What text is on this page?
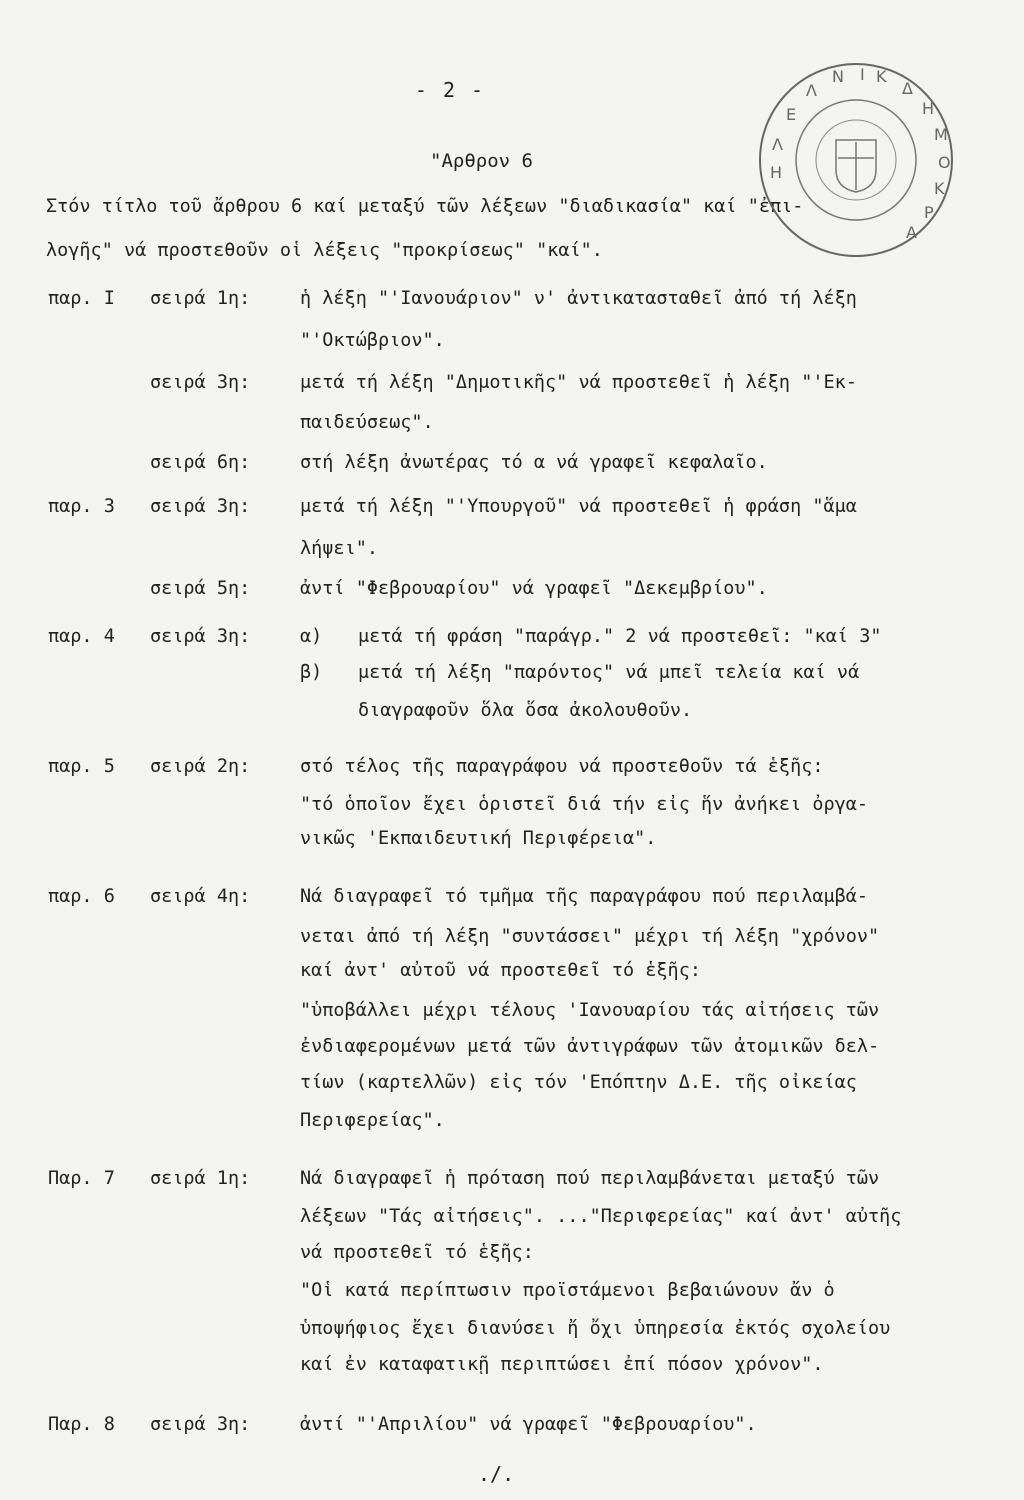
- 2 -
"Αρθρον 6
Στόν τίτλο τοῦ ἄρθρου 6 καί μεταξύ τῶν λέξεων "διαδικασία" καί "ἐπι-
λογῆς" νά προστεθοῦν οἱ λέξεις "προκρίσεως" "καί".
παρ. I σειρά 1η:	ἡ λέξη "'Ιανουάριον" ν' ἀντικατασταθεῖ ἀπό τή λέξη
"'Οκτώβριον".
σειρά 3η:	μετά τή λέξη "Δημοτικῆς" νά προστεθεῖ ἡ λέξη "'Εκ-
παιδεύσεως".
σειρά 6η:	στή λέξη ἀνωτέρας τό α νά γραφεῖ κεφαλαῖο.
παρ. 3 σειρά 3η:	μετά τή λέξη "'Υπουργοῦ" νά προστεθεῖ ἡ φράση "ἅμα
λήψει".
σειρά 5η:	ἀντί "Φεβρουαρίου" νά γραφεῖ "Δεκεμβρίου".
παρ. 4 σειρά 3η:	α) μετά τή φράση "παράγρ." 2 νά προστεθεῖ: "καί 3"
β) μετά τή λέξη "παρόντος" νά μπεῖ τελεία καί νά
διαγραφοῦν ὅλα ὅσα ἀκολουθοῦν.
παρ. 5 σειρά 2η:	στό τέλος τῆς παραγράφου νά προστεθοῦν τά ἑξῆς:
"τό ὁποῖον ἔχει ὁριστεῖ διά τήν εἰς ἥν ἀνήκει ὀργα-
νικῶς 'Εκπαιδευτική Περιφέρεια".
παρ. 6 σειρά 4η:	Νά διαγραφεῖ τό τμῆμα τῆς παραγράφου πού περιλαμβά-
νεται ἀπό τή λέξη "συντάσσει" μέχρι τή λέξη "χρόνον"
καί ἀντ' αὐτοῦ νά προστεθεῖ τό ἑξῆς:
"ὑποβάλλει μέχρι τέλους 'Ιανουαρίου τάς αἰτήσεις τῶν
ἐνδιαφερομένων μετά τῶν ἀντιγράφων τῶν ἀτομικῶν δελ-
τίων (καρτελλῶν) εἰς τόν 'Επόπτην Δ.Ε. τῆς οἰκείας
Περιφερείας".
Παρ. 7 σειρά 1η:	Νά διαγραφεῖ ἡ πρόταση πού περιλαμβάνεται μεταξύ τῶν
λέξεων "Τάς αἰτήσεις". ..."Περιφερείας" καί ἀντ' αὐτῆς
νά προστεθεῖ τό ἑξῆς:
"Οἱ κατά περίπτωσιν προϊστάμενοι βεβαιώνουν ἄν ὁ
ὑποψήφιος ἔχει διανύσει ἤ ὄχι ὑπηρεσία ἐκτός σχολείου
καί ἐν καταφατικῇ περιπτώσει ἐπί πόσον χρόνον".
Παρ. 8 σειρά 3η:	ἀντί "'Απριλίου" νά γραφεῖ "Φεβρουαρίου".
./.
Ε
Λ
Ν Ι Κ
Δ
Η
Μ
Ο
Κ
Ρ
Α
Λ
Η
